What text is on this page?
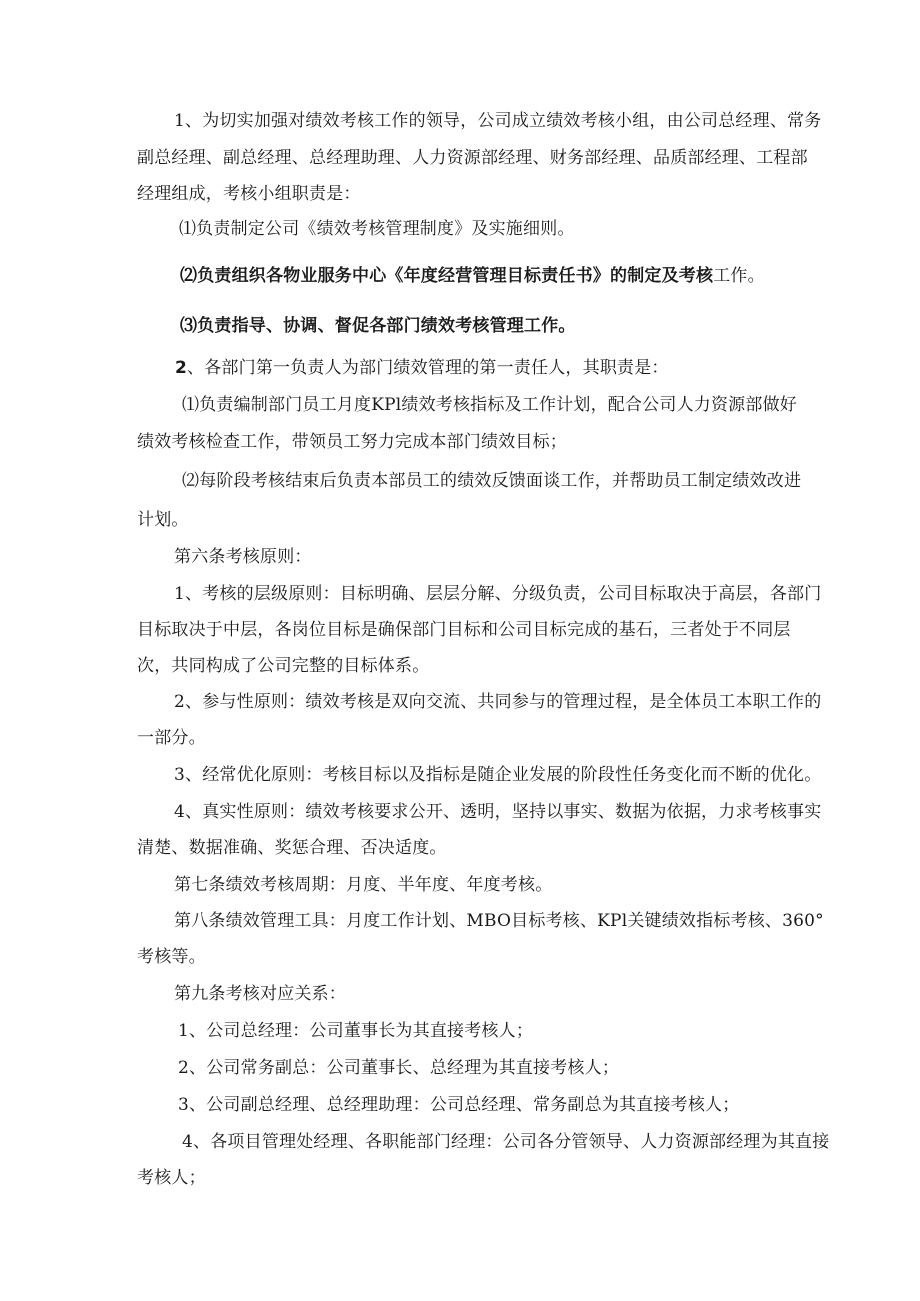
1、为切实加强对绩效考核工作的领导，公司成立绩效考核小组，由公司总经理、常务

副总经理、副总经理、总经理助理、人力资源部经理、财务部经理、品质部经理、工程部

经理组成，考核小组职责是：

⑴负责制定公司《绩效考核管理制度》及实施细则。

⑵负责组织各物业服务中心《年度经营管理目标责任书》的制定及考核工作。

⑶负责指导、协调、督促各部门绩效考核管理工作。

2、各部门第一负责人为部门绩效管理的第一责任人，其职责是：

⑴负责编制部门员工月度KPl绩效考核指标及工作计划，配合公司人力资源部做好

绩效考核检查工作，带领员工努力完成本部门绩效目标；

⑵每阶段考核结束后负责本部员工的绩效反馈面谈工作，并帮助员工制定绩效改进

计划。

第六条考核原则：

1、考核的层级原则：目标明确、层层分解、分级负责，公司目标取决于高层，各部门

目标取决于中层，各岗位目标是确保部门目标和公司目标完成的基石，三者处于不同层

次，共同构成了公司完整的目标体系。

2、参与性原则：绩效考核是双向交流、共同参与的管理过程，是全体员工本职工作的

一部分。

3、经常优化原则：考核目标以及指标是随企业发展的阶段性任务变化而不断的优化。

4、真实性原则：绩效考核要求公开、透明，坚持以事实、数据为依据，力求考核事实

清楚、数据准确、奖惩合理、否决适度。

第七条绩效考核周期：月度、半年度、年度考核。

第八条绩效管理工具：月度工作计划、MBO目标考核、KPl关键绩效指标考核、360°

考核等。

第九条考核对应关系：

1、公司总经理：公司董事长为其直接考核人；

2、公司常务副总：公司董事长、总经理为其直接考核人；

3、公司副总经理、总经理助理：公司总经理、常务副总为其直接考核人；

4、各项目管理处经理、各职能部门经理：公司各分管领导、人力资源部经理为其直接

考核人；
